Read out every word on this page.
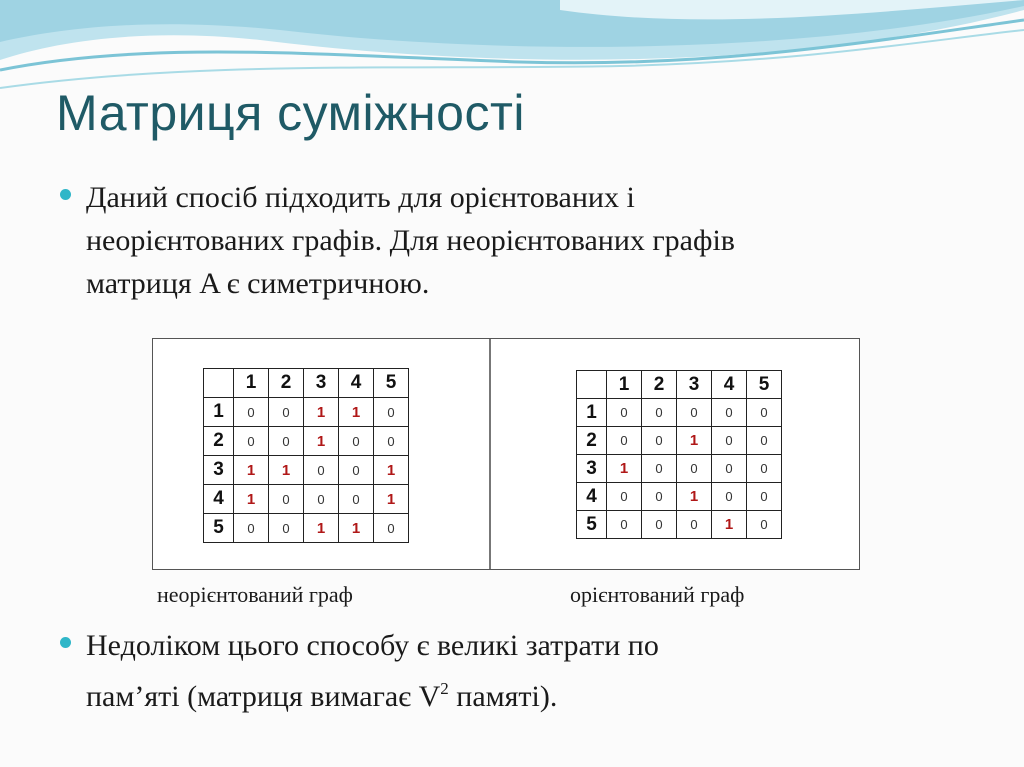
Матриця суміжності
Даний спосіб підходить для орієнтованих і
неорієнтованих графів. Для неорієнтованих графів
матриця A є симетричною.
	1	2	3	4	5
1	0	0	1	1	0
2	0	0	1	0	0
3	1	1	0	0	1
4	1	0	0	0	1
5	0	0	1	1	0
	1	2	3	4	5
1	0	0	0	0	0
2	0	0	1	0	0
3	1	0	0	0	0
4	0	0	1	0	0
5	0	0	0	1	0
неорієнтований граф	орієнтований граф
Недоліком цього способу є великі затрати по
пам’яті (матриця вимагає $V^2$ памяті).
